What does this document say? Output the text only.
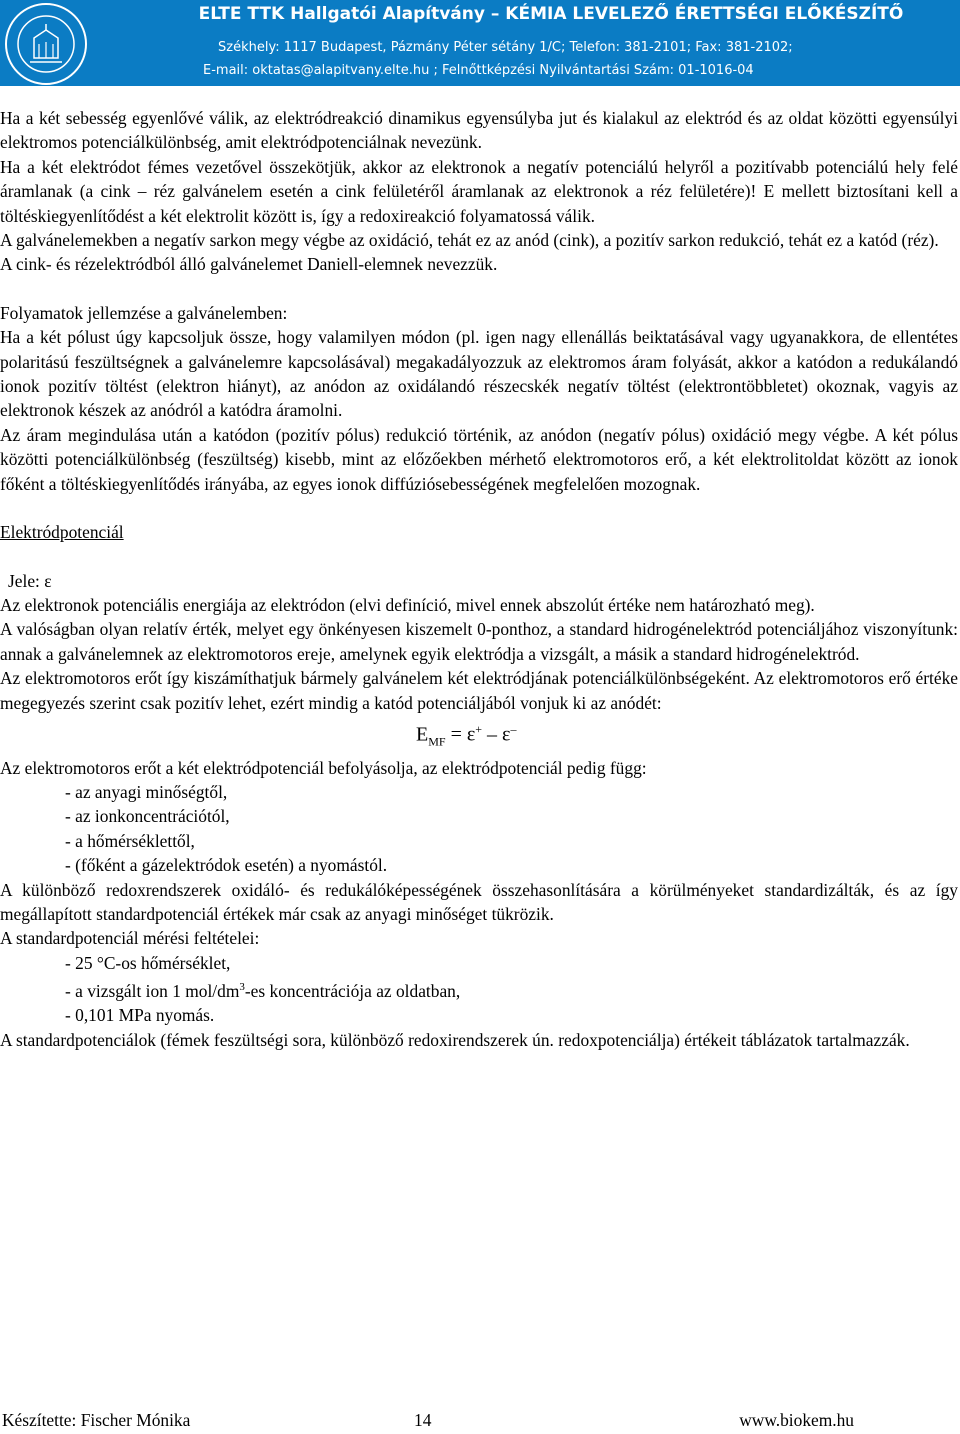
ELTE TTK Hallgatói Alapítvány – KÉMIA LEVELEZŐ ÉRETTSÉGI ELŐKÉSZÍTŐ
Székhely: 1117 Budapest, Pázmány Péter sétány 1/C; Telefon: 381-2101; Fax: 381-2102;
E-mail: oktatas@alapitvany.elte.hu ; Felnőttképzési Nyilvántartási Szám: 01-1016-04

Ha a két sebesség egyenlővé válik, az elektródreakció dinamikus egyensúlyba jut és kialakul az elektród és az oldat közötti egyensúlyi elektromos potenciálkülönbség, amit elektródpotenciálnak nevezünk.

Ha a két elektródot fémes vezetővel összekötjük, akkor az elektronok a negatív potenciálú helyről a pozitívabb potenciálú hely felé áramlanak (a cink – réz galvánelem esetén a cink felületéről áramlanak az elektronok a réz felületére)! E mellett biztosítani kell a töltéskiegyenlítődést a két elektrolit között is, így a redoxireakció folyamatossá válik.

A galvánelemekben a negatív sarkon megy végbe az oxidáció, tehát ez az anód (cink), a pozitív sarkon redukció, tehát ez a katód (réz).

A cink- és rézelektródból álló galvánelemet Daniell-elemnek nevezzük.

Folyamatok jellemzése a galvánelemben:

Ha a két pólust úgy kapcsoljuk össze, hogy valamilyen módon (pl. igen nagy ellenállás beiktatásával vagy ugyanakkora, de ellentétes polaritású feszültségnek a galvánelemre kapcsolásával) megakadályozzuk az elektromos áram folyását, akkor a katódon a redukálandó ionok pozitív töltést (elektron hiányt), az anódon az oxidálandó részecskék negatív töltést (elektrontöbbletet) okoznak, vagyis az elektronok készek az anódról a katódra áramolni.

Az áram megindulása után a katódon (pozitív pólus) redukció történik, az anódon (negatív pólus) oxidáció megy végbe. A két pólus közötti potenciálkülönbség (feszültség) kisebb, mint az előzőekben mérhető elektromotoros erő, a két elektrolitoldat között az ionok főként a töltéskiegyenlítődés irányába, az egyes ionok diffúziósebességének megfelelően mozognak.

Elektródpotenciál

Jele: ε

Az elektronok potenciális energiája az elektródon (elvi definíció, mivel ennek abszolút értéke nem határozható meg).

A valóságban olyan relatív érték, melyet egy önkényesen kiszemelt 0-ponthoz, a standard hidrogénelektród potenciáljához viszonyítunk: annak a galvánelemnek az elektromotoros ereje, amelynek egyik elektródja a vizsgált, a másik a standard hidrogénelektród.

Az elektromotoros erőt így kiszámíthatjuk bármely galvánelem két elektródjának potenciálkülönbségeként. Az elektromotoros erő értéke megegyezés szerint csak pozitív lehet, ezért mindig a katód potenciáljából vonjuk ki az anódét:

$E_{MF} = \varepsilon^+ - \varepsilon^-$

Az elektromotoros erőt a két elektródpotenciál befolyásolja, az elektródpotenciál pedig függ:

- az anyagi minőségtől,

- az ionkoncentrációtól,

- a hőmérséklettől,

- (főként a gázelektródok esetén) a nyomástól.

A különböző redoxrendszerek oxidáló- és redukálóképességének összehasonlítására a körülményeket standardizálták, és az így megállapított standardpotenciál értékek már csak az anyagi minőséget tükrözik.

A standardpotenciál mérési feltételei:

- 25 °C-os hőmérséklet,

- a vizsgált ion 1 mol/$dm^3-es$ koncentrációja az oldatban,

- 0,101 MPa nyomás.

A standardpotenciálok (fémek feszültségi sora, különböző redoxirendszerek ún. redoxpotenciálja) értékeit táblázatok tartalmazzák.

Készítette: Fischer Mónika	14	www.biokem.hu
